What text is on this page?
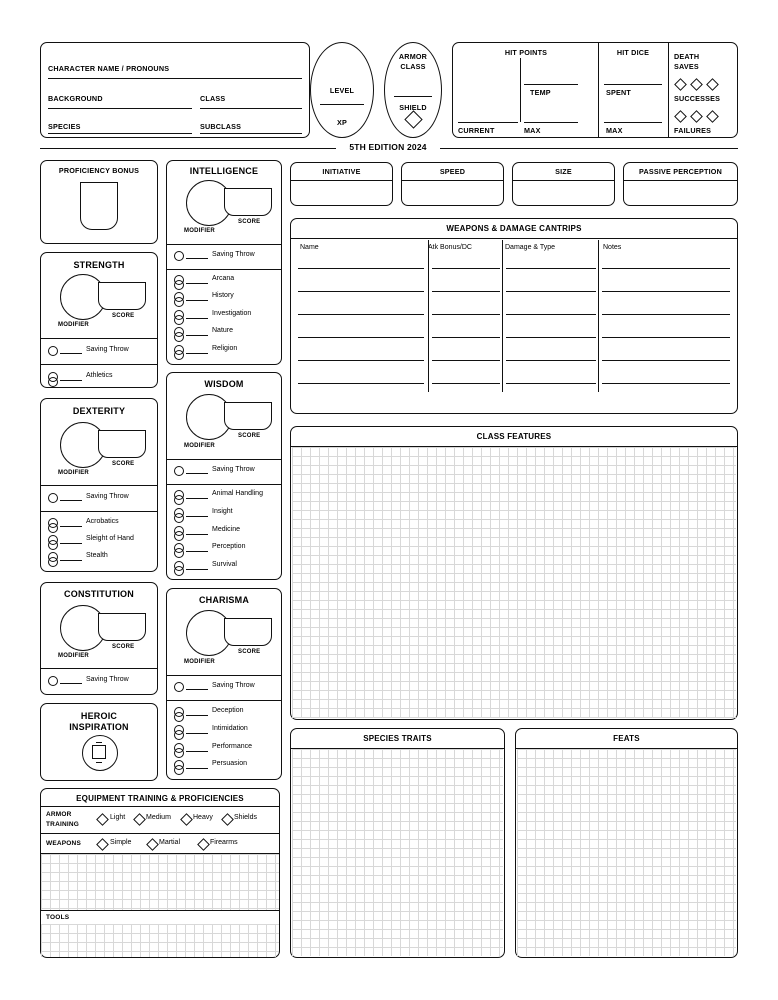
CHARACTER NAME / PRONOUNS
BACKGROUND	CLASS
SPECIES	SUBCLASS
LEVEL
XP
ARMOR
CLASS
SHIELD
HIT POINTS
CURRENT	MAX
TEMP
HIT DICE
SPENT
MAX
DEATH
SAVES
SUCCESSES
FAILURES
5TH EDITION 2024
PROFICIENCY BONUS
STRENGTH
SCORE
MODIFIER
Saving Throw
Athletics
DEXTERITY
SCORE
MODIFIER
Saving Throw
Acrobatics
Sleight of Hand
Stealth
CONSTITUTION
SCORE
MODIFIER
Saving Throw
HEROIC
INSPIRATION
EQUIPMENT TRAINING & PROFICIENCIES
ARMOR
TRAINING
Light	Medium	Heavy	Shields
WEAPONS	Simple	Martial	Firearms
TOOLS
INTELLIGENCE
SCORE
MODIFIER
Saving Throw
Arcana
History
Investigation
Nature
Religion
WISDOM
SCORE
MODIFIER
Saving Throw
Animal Handling
Insight
Medicine
Perception
Survival
CHARISMA
SCORE
MODIFIER
Saving Throw
Deception
Intimidation
Performance
Persuasion
INITIATIVE	SPEED	SIZE	PASSIVE PERCEPTION
WEAPONS & DAMAGE CANTRIPS
Name	Atk Bonus/DC	Damage & Type	Notes
CLASS FEATURES
SPECIES TRAITS	FEATS
